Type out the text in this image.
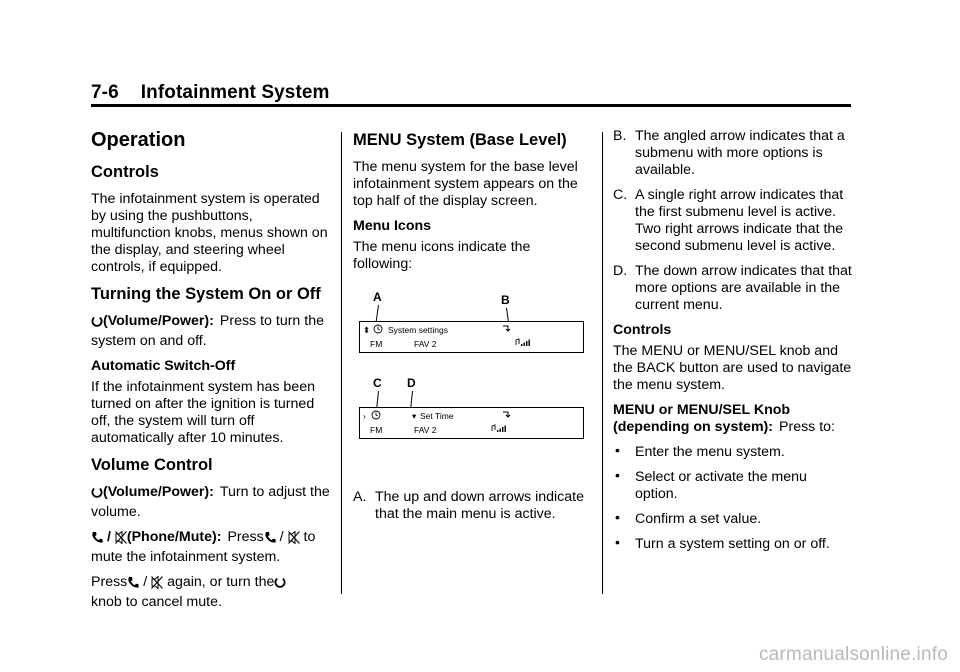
7-6 Infotainment System
Operation
Controls

The infotainment system is operated by using the pushbuttons, multifunction knobs, menus shown on the display, and steering wheel controls, if equipped.

Turning the System On or Off

(Volume/Power): Press to turn the system on and off.

Automatic Switch-Off

If the infotainment system has been turned on after the ignition is turned off, the system will turn off automatically after 10 minutes.

Volume Control

(Volume/Power): Turn to adjust the volume.

/ (Phone/Mute): Press / to mute the infotainment system.

Press / again, or turn the
knob to cancel mute.

MENU System (Base Level)

The menu system for the base level infotainment system appears on the top half of the display screen.

Menu Icons

The menu icons indicate the following:

A	B
⬍ System settings
FM	FAV 2
C D
›	▾ Set Time
FM	FAV 2
A. The up and down arrows indicate that the main menu is active.
B. The angled arrow indicates that a submenu with more options is available.
C. A single right arrow indicates that the first submenu level is active. Two right arrows indicate that the second submenu level is active.
D. The down arrow indicates that that more options are available in the current menu.
Controls

The MENU or MENU/SEL knob and the BACK button are used to navigate the menu system.

MENU or MENU/SEL Knob (depending on system): Press to:

• Enter the menu system.
• Select or activate the menu option.
• Confirm a set value.
• Turn a system setting on or off.
carmanualsonline.info
